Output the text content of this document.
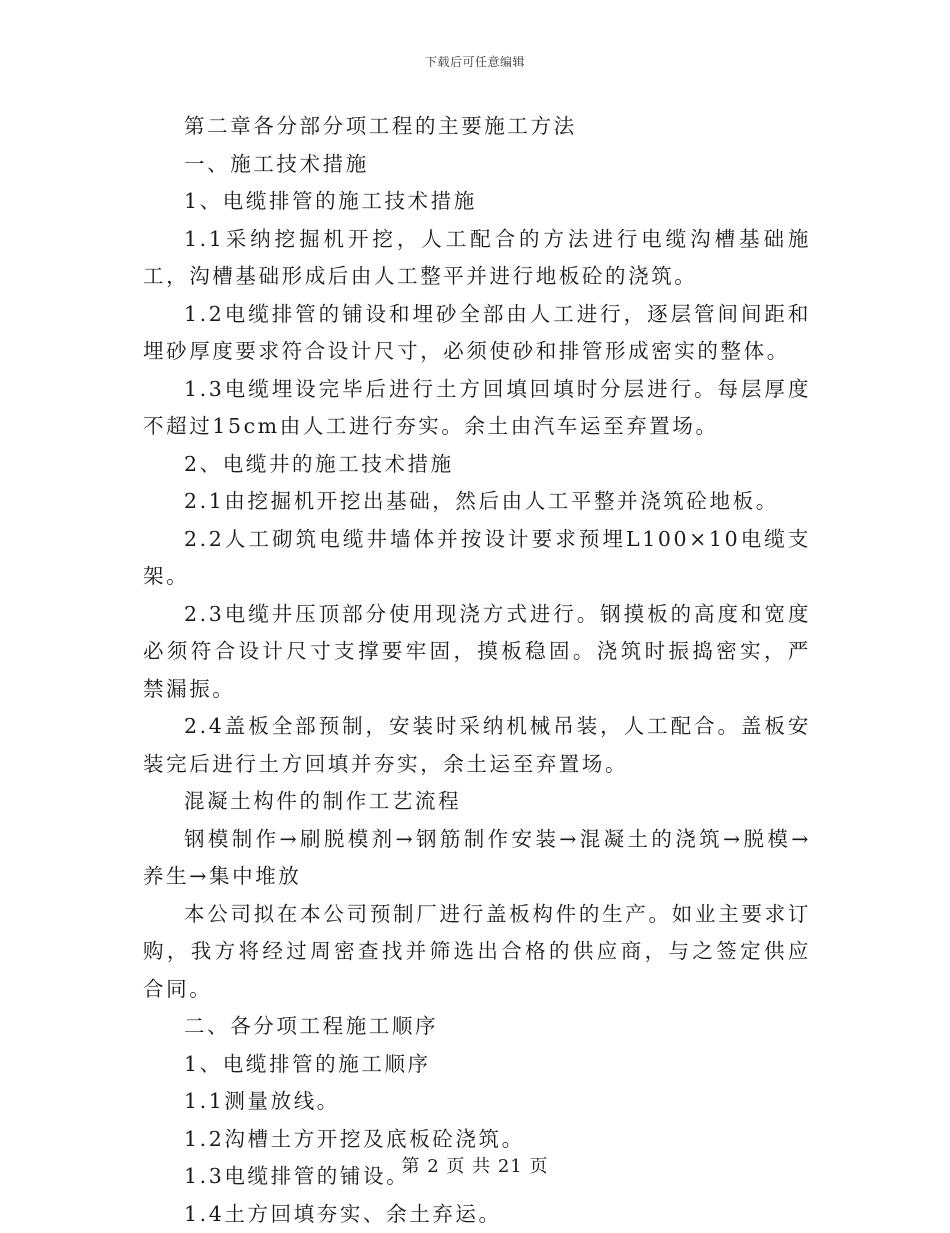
下载后可任意编辑

第二章各分部分项工程的主要施工方法

一、施工技术措施

1、电缆排管的施工技术措施

1.1采纳挖掘机开挖，人工配合的方法进行电缆沟槽基础施工，沟槽基础形成后由人工整平并进行地板砼的浇筑。

1.2电缆排管的铺设和埋砂全部由人工进行，逐层管间间距和埋砂厚度要求符合设计尺寸，必须使砂和排管形成密实的整体。

1.3电缆埋设完毕后进行土方回填回填时分层进行。每层厚度不超过15cm由人工进行夯实。余土由汽车运至弃置场。

2、电缆井的施工技术措施

2.1由挖掘机开挖出基础，然后由人工平整并浇筑砼地板。

2.2人工砌筑电缆井墙体并按设计要求预埋L100×10电缆支架。

2.3电缆井压顶部分使用现浇方式进行。钢摸板的高度和宽度必须符合设计尺寸支撑要牢固，摸板稳固。浇筑时振捣密实，严禁漏振。

2.4盖板全部预制，安装时采纳机械吊装，人工配合。盖板安装完后进行土方回填并夯实，余土运至弃置场。

混凝土构件的制作工艺流程

钢模制作→刷脱模剂→钢筋制作安装→混凝土的浇筑→脱模→养生→集中堆放

本公司拟在本公司预制厂进行盖板构件的生产。如业主要求订购，我方将经过周密查找并筛选出合格的供应商，与之签定供应合同。

二、各分项工程施工顺序

1、电缆排管的施工顺序

1.1测量放线。

1.2沟槽土方开挖及底板砼浇筑。

1.3电缆排管的铺设。

1.4土方回填夯实、余土弃运。

第 2 页 共 21 页
